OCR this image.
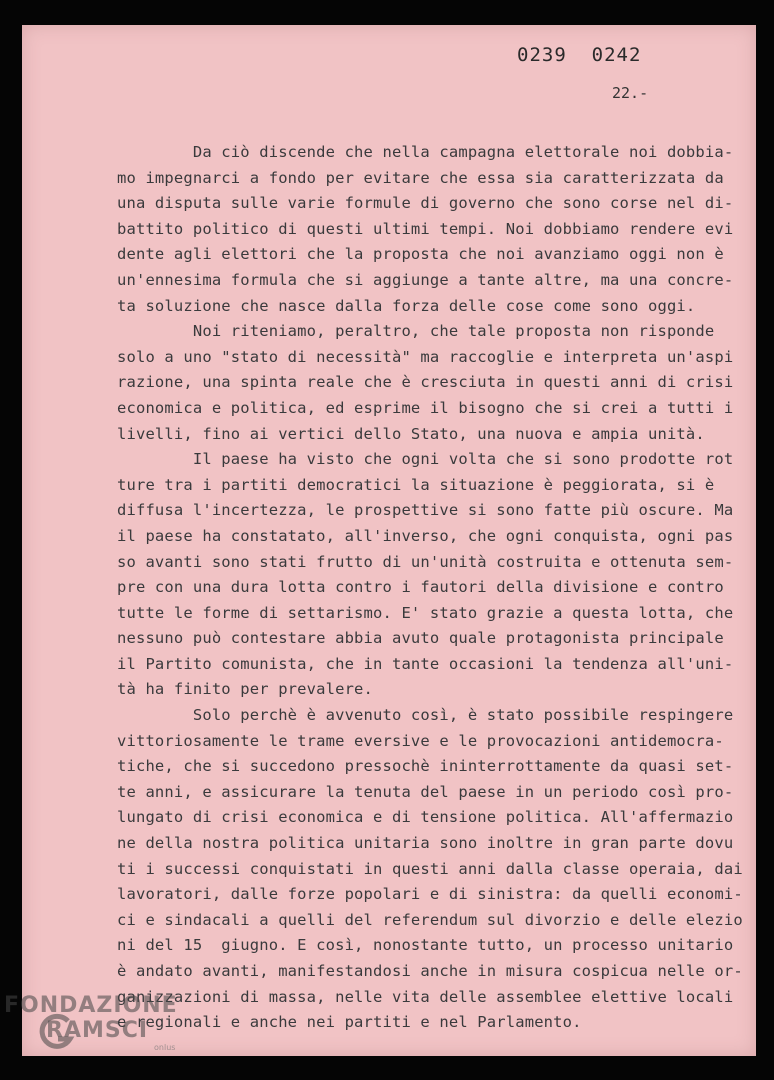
0239  0242
22.-
Da ciò discende che nella campagna elettorale noi dobbia-
mo impegnarci a fondo per evitare che essa sia caratterizzata da
una disputa sulle varie formule di governo che sono corse nel di-
battito politico di questi ultimi tempi. Noi dobbiamo rendere evi
dente agli elettori che la proposta che noi avanziamo oggi non è
un'ennesima formula che si aggiunge a tante altre, ma una concre-
ta soluzione che nasce dalla forza delle cose come sono oggi.
Noi riteniamo, peraltro, che tale proposta non risponde
solo a uno "stato di necessità" ma raccoglie e interpreta un'aspi
razione, una spinta reale che è cresciuta in questi anni di crisi
economica e politica, ed esprime il bisogno che si crei a tutti i
livelli, fino ai vertici dello Stato, una nuova e ampia unità.
Il paese ha visto che ogni volta che si sono prodotte rot
ture tra i partiti democratici la situazione è peggiorata, si è
diffusa l'incertezza, le prospettive si sono fatte più oscure. Ma
il paese ha constatato, all'inverso, che ogni conquista, ogni pas
so avanti sono stati frutto di un'unità costruita e ottenuta sem-
pre con una dura lotta contro i fautori della divisione e contro
tutte le forme di settarismo. E' stato grazie a questa lotta, che
nessuno può contestare abbia avuto quale protagonista principale
il Partito comunista, che in tante occasioni la tendenza all'uni-
tà ha finito per prevalere.
Solo perchè è avvenuto così, è stato possibile respingere
vittoriosamente le trame eversive e le provocazioni antidemocra-
tiche, che si succedono pressochè ininterrottamente da quasi set-
te anni, e assicurare la tenuta del paese in un periodo così pro-
lungato di crisi economica e di tensione politica. All'affermazio
ne della nostra politica unitaria sono inoltre in gran parte dovu
ti i successi conquistati in questi anni dalla classe operaia, dai
lavoratori, dalle forze popolari e di sinistra: da quelli economi-
ci e sindacali a quelli del referendum sul divorzio e delle elezio
ni del 15  giugno. E così, nonostante tutto, un processo unitario
è andato avanti, manifestandosi anche in misura cospicua nelle or-
ganizzazioni di massa, nelle vita delle assemblee elettive locali
e regionali e anche nei partiti e nel Parlamento.
FONDAZIONE
RAMSCI
onlus
